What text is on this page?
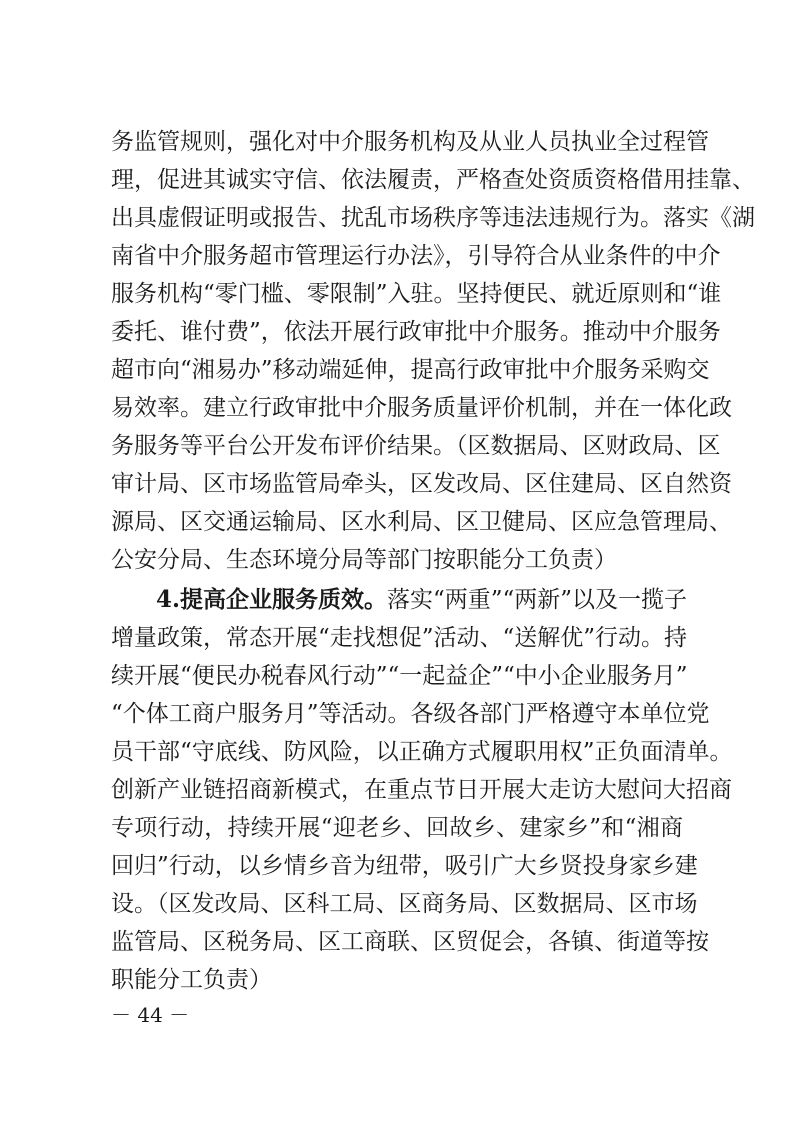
务监管规则，强化对中介服务机构及从业人员执业全过程管
理，促进其诚实守信、依法履责，严格查处资质资格借用挂靠、
出具虚假证明或报告、扰乱市场秩序等违法违规行为。落实《湖
南省中介服务超市管理运行办法》，引导符合从业条件的中介
服务机构“零门槛、零限制”入驻。坚持便民、就近原则和“谁
委托、谁付费”，依法开展行政审批中介服务。推动中介服务
超市向“湘易办”移动端延伸，提高行政审批中介服务采购交
易效率。建立行政审批中介服务质量评价机制，并在一体化政
务服务等平台公开发布评价结果。（区数据局、区财政局、区
审计局、区市场监管局牵头，区发改局、区住建局、区自然资
源局、区交通运输局、区水利局、区卫健局、区应急管理局、
公安分局、生态环境分局等部门按职能分工负责）
4.提高企业服务质效。落实“两重”“两新”以及一揽子
增量政策，常态开展“走找想促”活动、“送解优”行动。持
续开展“便民办税春风行动”“一起益企”“中小企业服务月”
“个体工商户服务月”等活动。各级各部门严格遵守本单位党
员干部“守底线、防风险，以正确方式履职用权”正负面清单。
创新产业链招商新模式，在重点节日开展大走访大慰问大招商
专项行动，持续开展“迎老乡、回故乡、建家乡”和“湘商
回归”行动，以乡情乡音为纽带，吸引广大乡贤投身家乡建
设。（区发改局、区科工局、区商务局、区数据局、区市场
监管局、区税务局、区工商联、区贸促会，各镇、街道等按
职能分工负责）
－ 44 －
